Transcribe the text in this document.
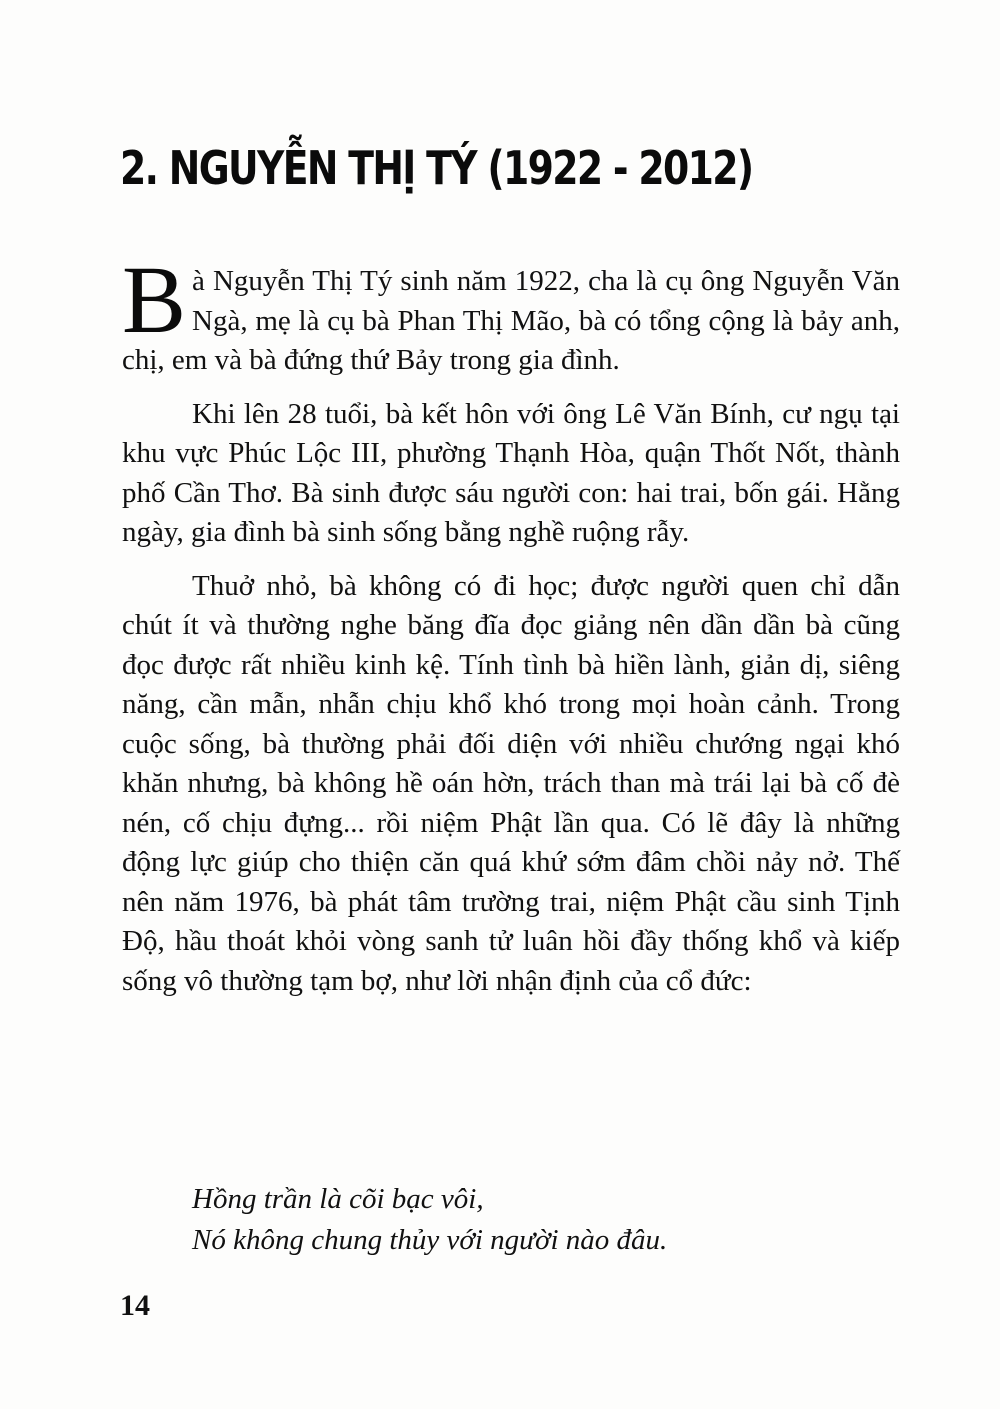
2. NGUYỄN THỊ TÝ (1922 - 2012)

Bà Nguyễn Thị Tý sinh năm 1922, cha là cụ ông Nguyễn Văn Ngà, mẹ là cụ bà Phan Thị Mão, bà có tổng cộng là bảy anh, chị, em và bà đứng thứ Bảy trong gia đình.

Khi lên 28 tuổi, bà kết hôn với ông Lê Văn Bính, cư ngụ tại khu vực Phúc Lộc III, phường Thạnh Hòa, quận Thốt Nốt, thành phố Cần Thơ. Bà sinh được sáu người con: hai trai, bốn gái. Hằng ngày, gia đình bà sinh sống bằng nghề ruộng rẫy.

Thuở nhỏ, bà không có đi học; được người quen chỉ dẫn chút ít và thường nghe băng đĩa đọc giảng nên dần dần bà cũng đọc được rất nhiều kinh kệ. Tính tình bà hiền lành, giản dị, siêng năng, cần mẫn, nhẫn chịu khổ khó trong mọi hoàn cảnh. Trong cuộc sống, bà thường phải đối diện với nhiều chướng ngại khó khăn nhưng, bà không hề oán hờn, trách than mà trái lại bà cố đè nén, cố chịu đựng... rồi niệm Phật lần qua. Có lẽ đây là những động lực giúp cho thiện căn quá khứ sớm đâm chồi nảy nở. Thế nên năm 1976, bà phát tâm trường trai, niệm Phật cầu sinh Tịnh Độ, hầu thoát khỏi vòng sanh tử luân hồi đầy thống khổ và kiếp sống vô thường tạm bợ, như lời nhận định của cổ đức:

Hồng trần là cõi bạc vôi,
Nó không chung thủy với người nào đâu.
14
